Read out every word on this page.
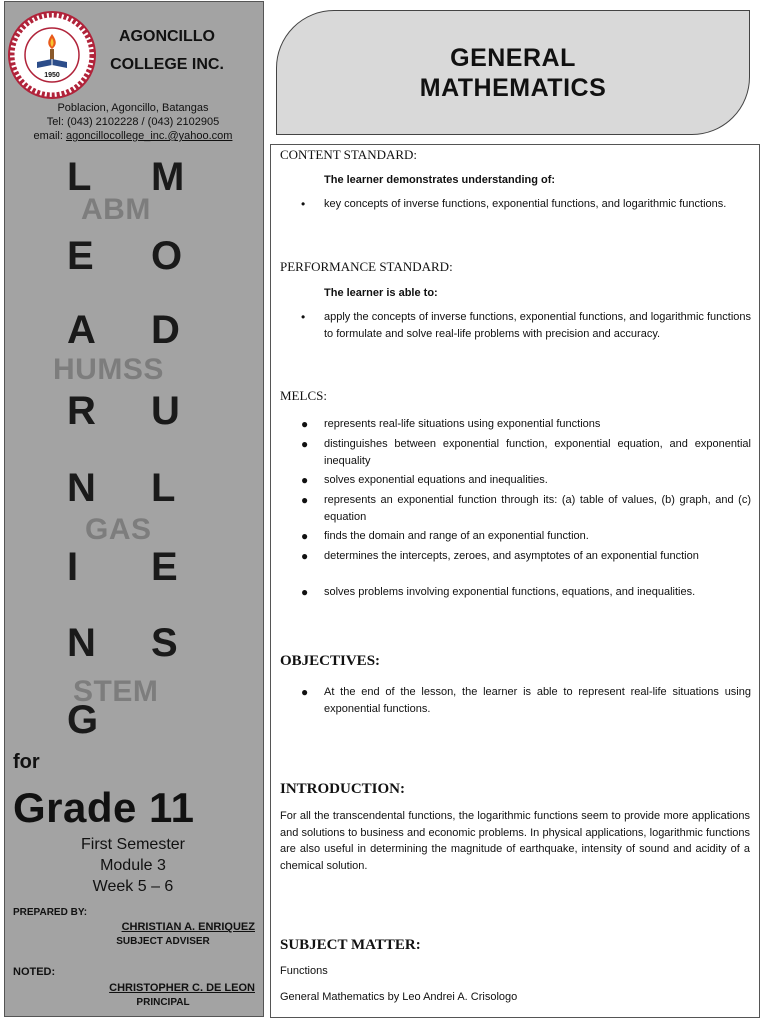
1950
AGONCILLO
COLLEGE INC.
Poblacion, Agoncillo, Batangas
Tel: (043) 2102228 / (043) 2102905
email: agoncillocollege_inc.@yahoo.com
L
E
A
R
N
I
N
G
M
O
D
U
L
E
S
ABM
HUMSS
GAS
STEM
for
Grade 11
First Semester
Module 3
Week 5 – 6
PREPARED BY:
CHRISTIAN A. ENRIQUEZ
SUBJECT ADVISER
NOTED:
CHRISTOPHER C. DE LEON
PRINCIPAL
GENERAL
MATHEMATICS
CONTENT STANDARD:
The learner demonstrates understanding of:
•	key concepts of inverse functions, exponential functions, and logarithmic functions.
PERFORMANCE STANDARD:
The learner is able to:
•	apply the concepts of inverse functions, exponential functions, and logarithmic functions to formulate and solve real-life problems with precision and accuracy.
MELCS:
●	represents real-life situations using exponential functions
●	distinguishes between exponential function, exponential equation, and exponential inequality
●	solves exponential equations and inequalities.
●	represents an exponential function through its: (a) table of values, (b) graph, and (c) equation
●	finds the domain and range of an exponential function.
●	determines the intercepts, zeroes, and asymptotes of an exponential function
●	solves problems involving exponential functions, equations, and inequalities.
OBJECTIVES:
●	At the end of the lesson, the learner is able to represent real-life situations using exponential functions.
INTRODUCTION:
For all the transcendental functions, the logarithmic functions seem to provide more applications and solutions to business and economic problems. In physical applications, logarithmic functions are also useful in determining the magnitude of earthquake, intensity of sound and acidity of a chemical solution.
SUBJECT MATTER:
Functions
General Mathematics by Leo Andrei A. Crisologo
